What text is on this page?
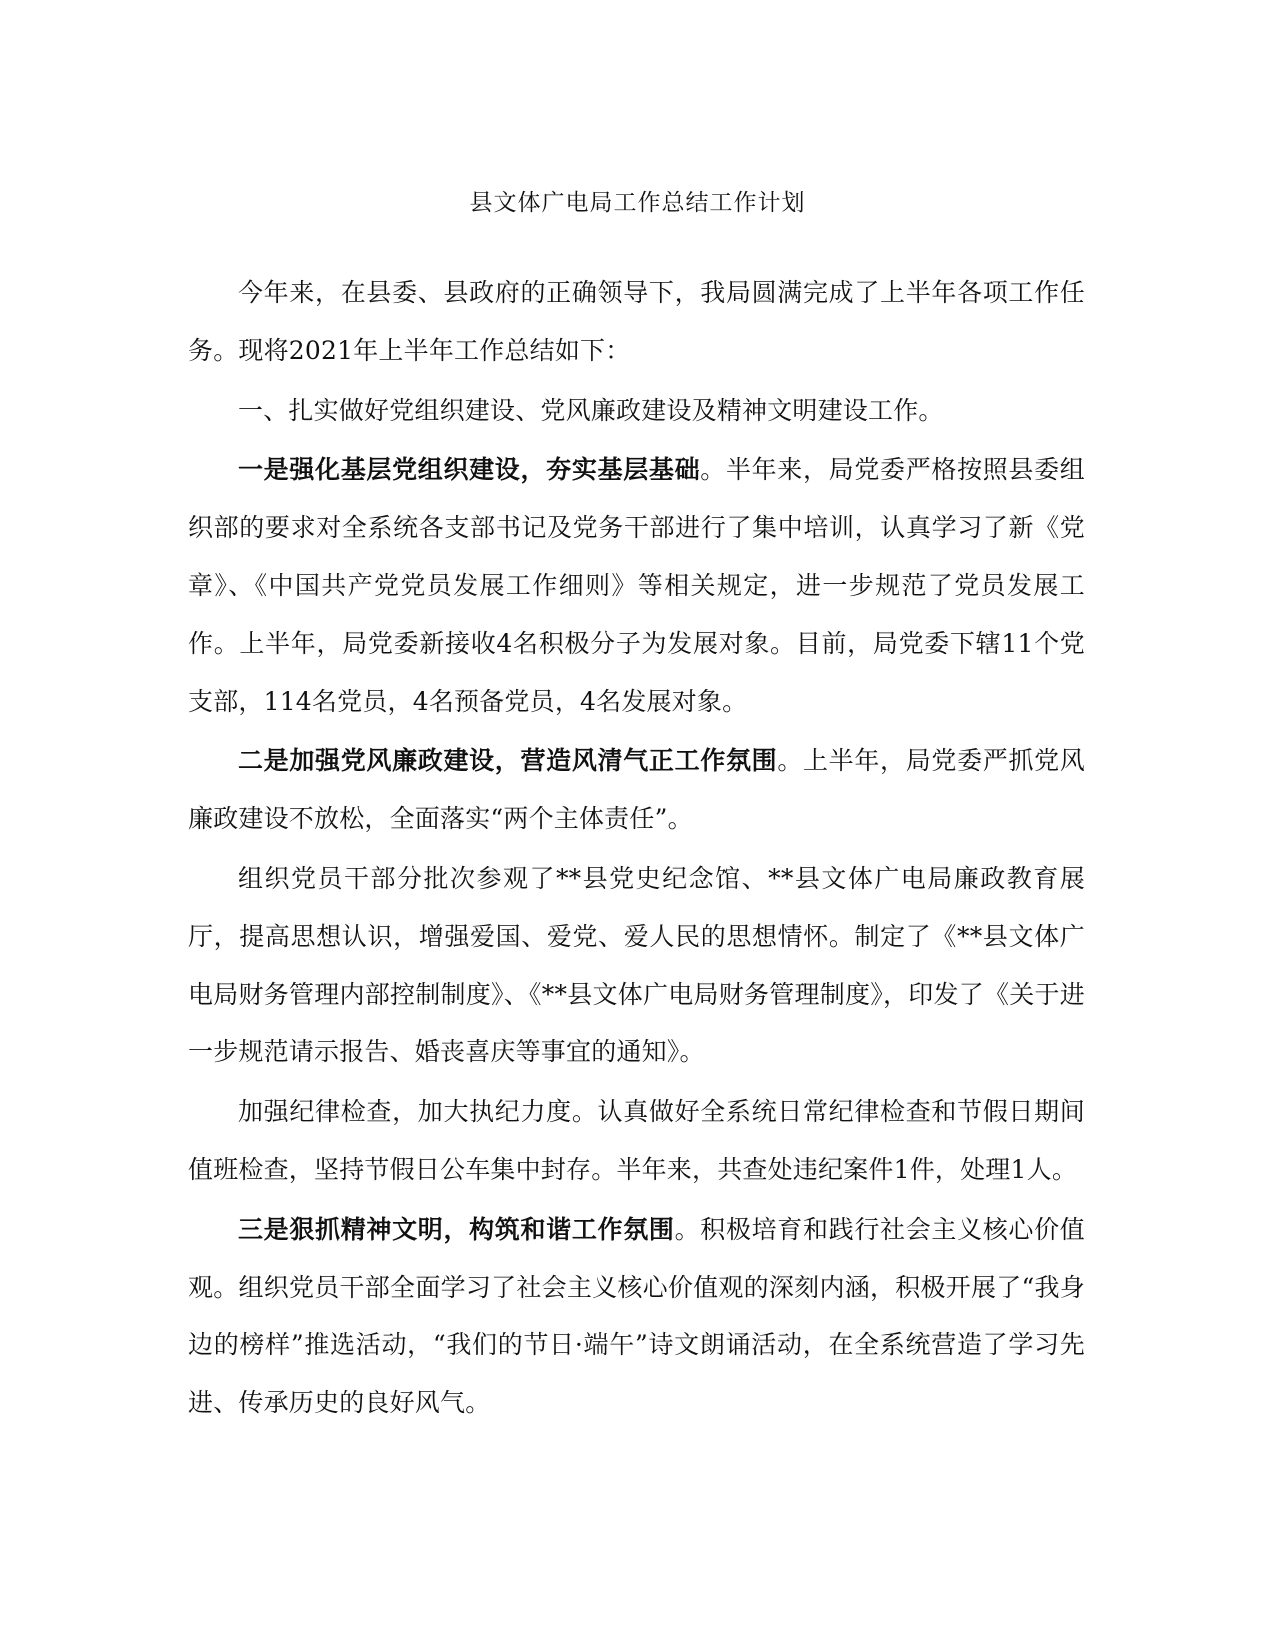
县文体广电局工作总结工作计划

今年来，在县委、县政府的正确领导下，我局圆满完成了上半年各项工作任务。现将2021年上半年工作总结如下：

一、扎实做好党组织建设、党风廉政建设及精神文明建设工作。

一是强化基层党组织建设，夯实基层基础。半年来，局党委严格按照县委组织部的要求对全系统各支部书记及党务干部进行了集中培训，认真学习了新《党章》、《中国共产党党员发展工作细则》等相关规定，进一步规范了党员发展工作。上半年，局党委新接收4名积极分子为发展对象。目前，局党委下辖11个党支部，114名党员，4名预备党员，4名发展对象。

二是加强党风廉政建设，营造风清气正工作氛围。上半年，局党委严抓党风廉政建设不放松，全面落实“两个主体责任”。

组织党员干部分批次参观了**县党史纪念馆、**县文体广电局廉政教育展厅，提高思想认识，增强爱国、爱党、爱人民的思想情怀。制定了《**县文体广电局财务管理内部控制制度》、《**县文体广电局财务管理制度》，印发了《关于进一步规范请示报告、婚丧喜庆等事宜的通知》。

加强纪律检查，加大执纪力度。认真做好全系统日常纪律检查和节假日期间值班检查，坚持节假日公车集中封存。半年来，共查处违纪案件1件，处理1人。

三是狠抓精神文明，构筑和谐工作氛围。积极培育和践行社会主义核心价值观。组织党员干部全面学习了社会主义核心价值观的深刻内涵，积极开展了“我身边的榜样”推选活动，“我们的节日·端午”诗文朗诵活动，在全系统营造了学习先进、传承历史的良好风气。
